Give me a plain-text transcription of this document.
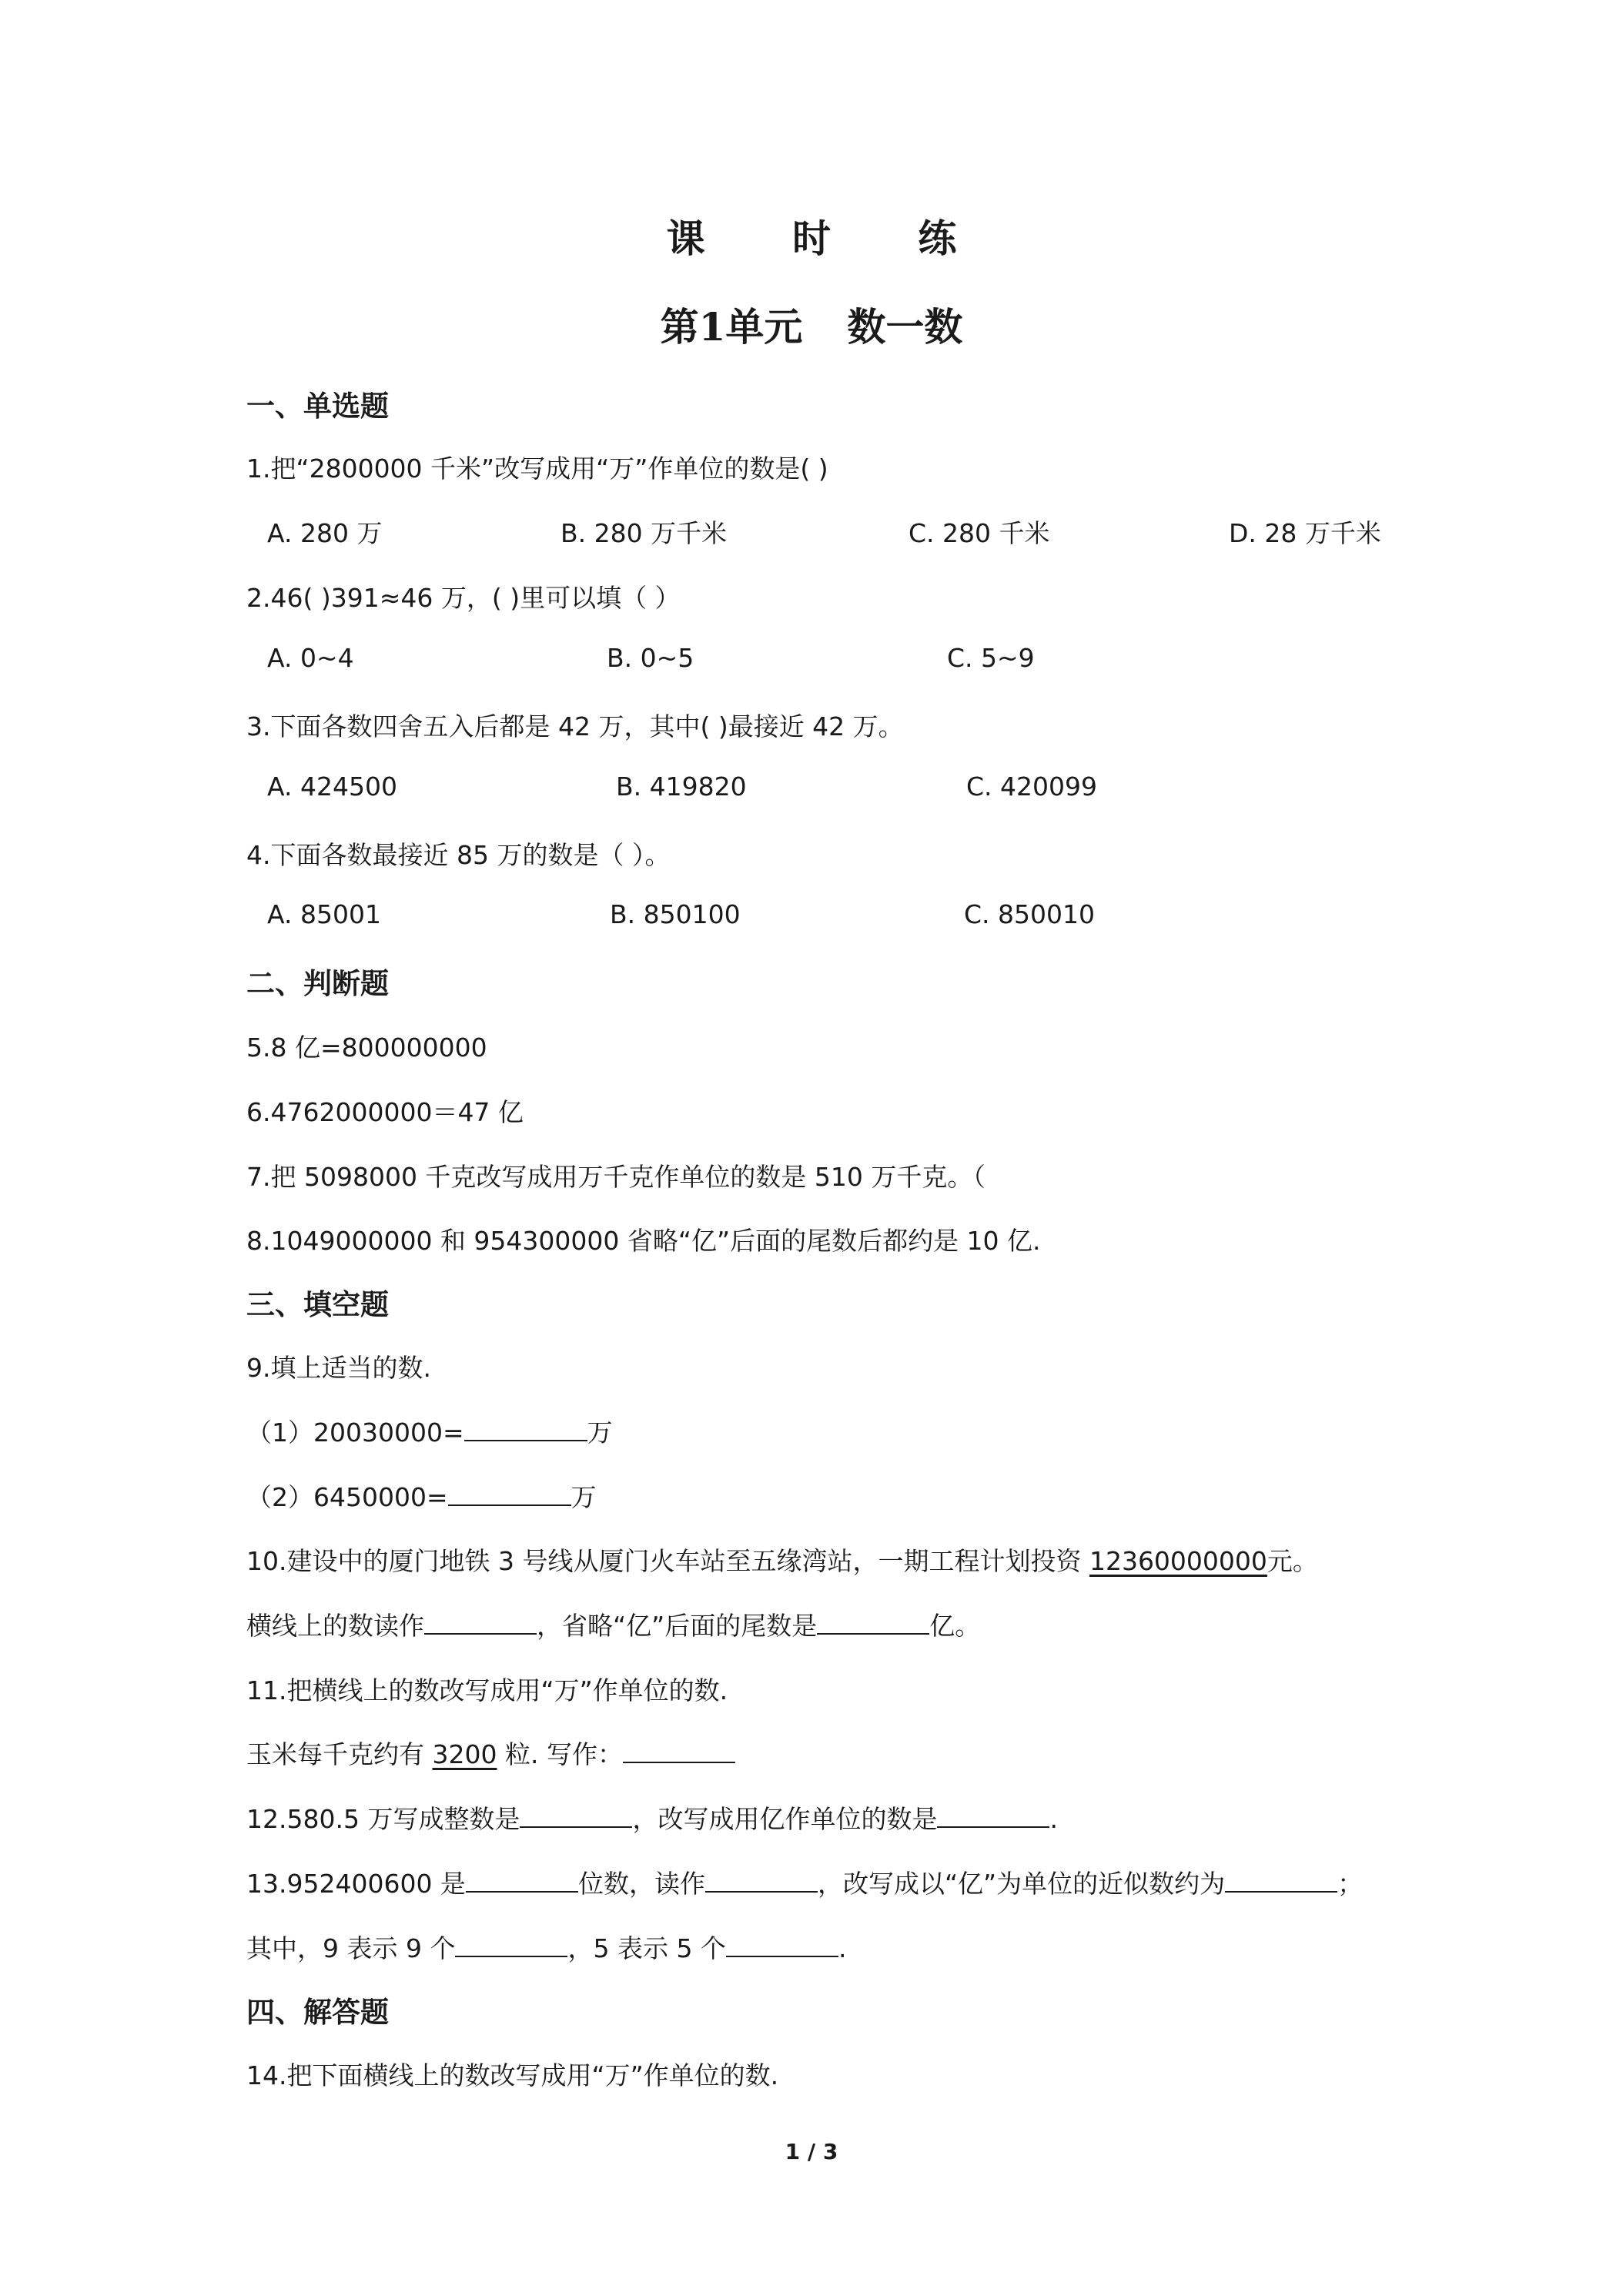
课 时 练
第1单元 数一数
一、单选题
1.把“2800000 千米”改写成用“万”作单位的数是( )
A. 280 万	B. 280 万千米	C. 280 千米	D. 28 万千米
2.46( )391≈46 万，( )里可以填（ ）
A. 0~4	B. 0~5	C. 5~9
3.下面各数四舍五入后都是 42 万，其中( )最接近 42 万。
A. 424500	B. 419820	C. 420099
4.下面各数最接近 85 万的数是（ ）。
A. 85001	B. 850100	C. 850010
二、判断题
5.8 亿=800000000
6.4762000000＝47 亿
7.把 5098000 千克改写成用万千克作单位的数是 510 万千克。（
8.1049000000 和 954300000 省略“亿”后面的尾数后都约是 10 亿.
三、填空题
9.填上适当的数.
（1）20030000=	万
（2）6450000=	万
10.建设中的厦门地铁 3 号线从厦门火车站至五缘湾站，一期工程计划投资 12360000000元。
横线上的数读作	，省略“亿”后面的尾数是	亿。
11.把横线上的数改写成用“万”作单位的数.
玉米每千克约有 3200 粒. 写作：
12.580.5 万写成整数是	，改写成用亿作单位的数是	.
13.952400600 是	位数，读作	，改写成以“亿”为单位的近似数约为	；
其中，9 表示 9 个	，5 表示 5 个	.
四、解答题
14.把下面横线上的数改写成用“万”作单位的数.
1 / 3
